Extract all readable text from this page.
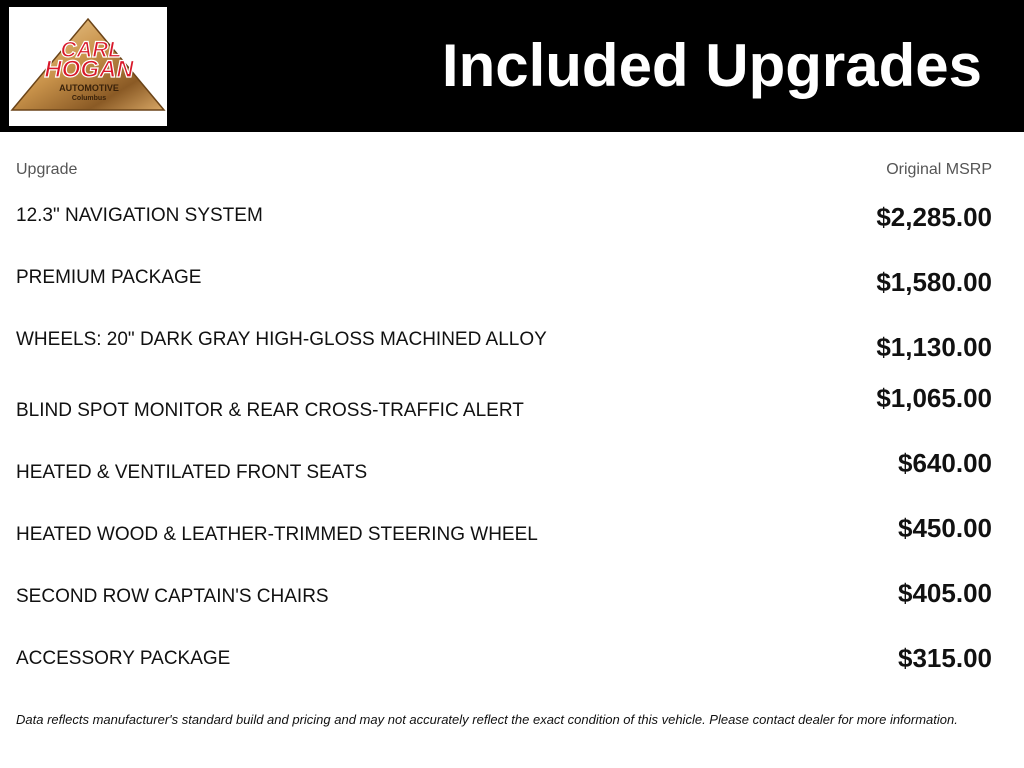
CARL
HOGAN
AUTOMOTIVE
Columbus	Included Upgrades
Upgrade	Original MSRP
12.3" NAVIGATION SYSTEM	$2,285.00
PREMIUM PACKAGE	$1,580.00
WHEELS: 20" DARK GRAY HIGH-GLOSS MACHINED ALLOY	$1,130.00
BLIND SPOT MONITOR & REAR CROSS-TRAFFIC ALERT	$1,065.00
HEATED & VENTILATED FRONT SEATS	$640.00
HEATED WOOD & LEATHER-TRIMMED STEERING WHEEL	$450.00
SECOND ROW CAPTAIN'S CHAIRS	$405.00
ACCESSORY PACKAGE	$315.00
Data reflects manufacturer's standard build and pricing and may not accurately reflect the exact condition of this vehicle. Please contact dealer for more information.
